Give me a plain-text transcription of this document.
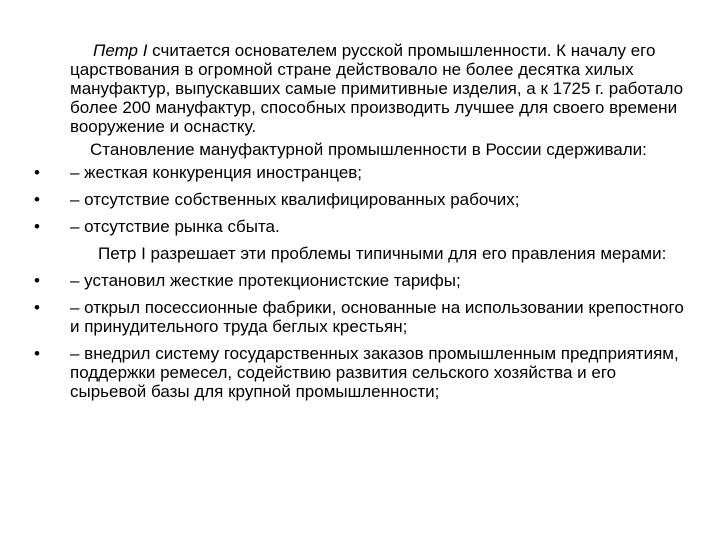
Петр I считается основателем русской промышленности. К началу его царствования в огромной стране действовало не более десятка хилых мануфактур, выпускавших самые примитивные изделия, а к 1725 г. работало более 200 мануфактур, способных производить лучшее для своего времени вооружение и оснастку.

Становление мануфактурной промышленности в России сдерживали:

• – жесткая конкуренция иностранцев;
• – отсутствие собственных квалифицированных рабочих;
• – отсутствие рынка сбыта.

Петр I разрешает эти проблемы типичными для его правления мерами:

• – установил жесткие протекционистские тарифы;
• – открыл посессионные фабрики, основанные на использовании крепостного и принудительного труда беглых крестьян;
• – внедрил систему государственных заказов промышленным предприятиям, поддержки ремесел, содействию развития сельского хозяйства и его сырьевой базы для крупной промышленности;
